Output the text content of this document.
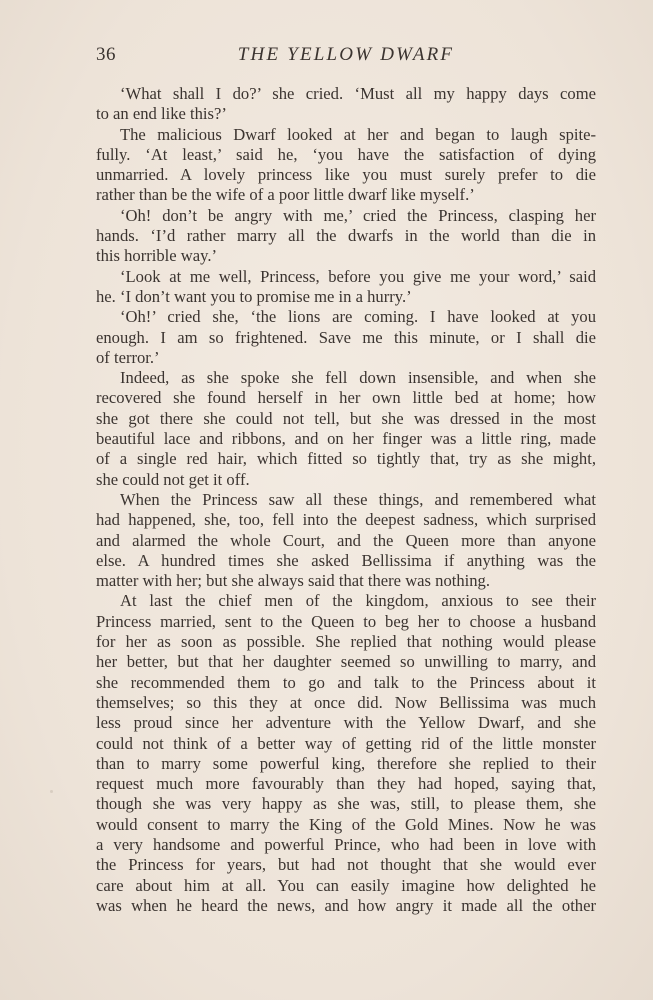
36	THE YELLOW DWARF
‘What shall I do?’ she cried. ‘Must all my happy days come
to an end like this?’
The malicious Dwarf looked at her and began to laugh spite-
fully. ‘At least,’ said he, ‘you have the satisfaction of dying
unmarried. A lovely princess like you must surely prefer to die
rather than be the wife of a poor little dwarf like myself.’
‘Oh! don’t be angry with me,’ cried the Princess, clasping her
hands. ‘I’d rather marry all the dwarfs in the world than die in
this horrible way.’
‘Look at me well, Princess, before you give me your word,’ said
he. ‘I don’t want you to promise me in a hurry.’
‘Oh!’ cried she, ‘the lions are coming. I have looked at you
enough. I am so frightened. Save me this minute, or I shall die
of terror.’
Indeed, as she spoke she fell down insensible, and when she
recovered she found herself in her own little bed at home; how
she got there she could not tell, but she was dressed in the most
beautiful lace and ribbons, and on her finger was a little ring, made
of a single red hair, which fitted so tightly that, try as she might,
she could not get it off.
When the Princess saw all these things, and remembered what
had happened, she, too, fell into the deepest sadness, which surprised
and alarmed the whole Court, and the Queen more than anyone
else. A hundred times she asked Bellissima if anything was the
matter with her; but she always said that there was nothing.
At last the chief men of the kingdom, anxious to see their
Princess married, sent to the Queen to beg her to choose a husband
for her as soon as possible. She replied that nothing would please
her better, but that her daughter seemed so unwilling to marry, and
she recommended them to go and talk to the Princess about it
themselves; so this they at once did. Now Bellissima was much
less proud since her adventure with the Yellow Dwarf, and she
could not think of a better way of getting rid of the little monster
than to marry some powerful king, therefore she replied to their
request much more favourably than they had hoped, saying that,
though she was very happy as she was, still, to please them, she
would consent to marry the King of the Gold Mines. Now he was
a very handsome and powerful Prince, who had been in love with
the Princess for years, but had not thought that she would ever
care about him at all. You can easily imagine how delighted he
was when he heard the news, and how angry it made all the other
